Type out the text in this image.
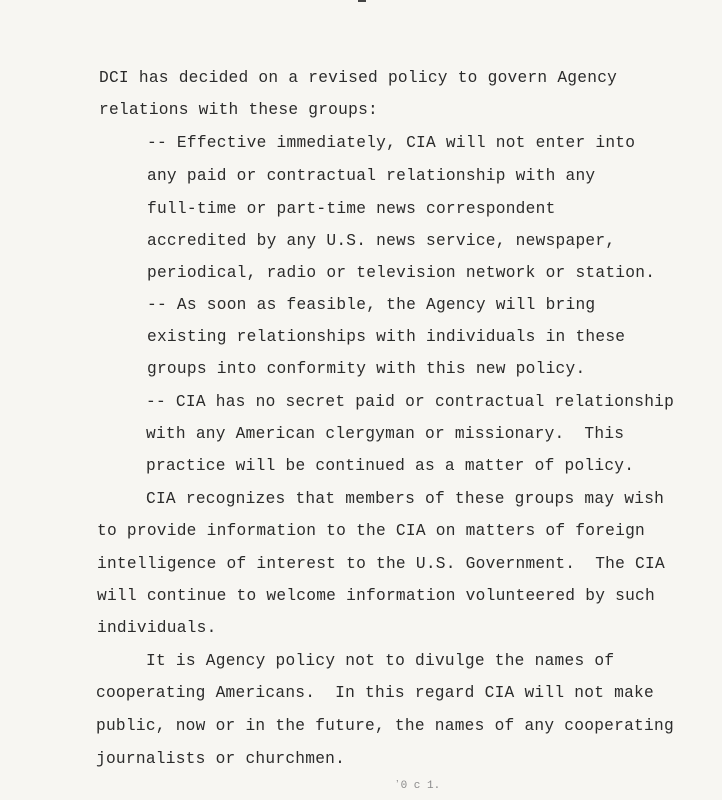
DCI has decided on a revised policy to govern Agency
relations with these groups:
-- Effective immediately, CIA will not enter into
any paid or contractual relationship with any
full-time or part-time news correspondent
accredited by any U.S. news service, newspaper,
periodical, radio or television network or station.
-- As soon as feasible, the Agency will bring
existing relationships with individuals in these
groups into conformity with this new policy.
-- CIA has no secret paid or contractual relationship
with any American clergyman or missionary.  This
practice will be continued as a matter of policy.
CIA recognizes that members of these groups may wish
to provide information to the CIA on matters of foreign
intelligence of interest to the U.S. Government.  The CIA
will continue to welcome information volunteered by such
individuals.
It is Agency policy not to divulge the names of
cooperating Americans.  In this regard CIA will not make
public, now or in the future, the names of any cooperating
journalists or churchmen.
ʼ0 c 1.
